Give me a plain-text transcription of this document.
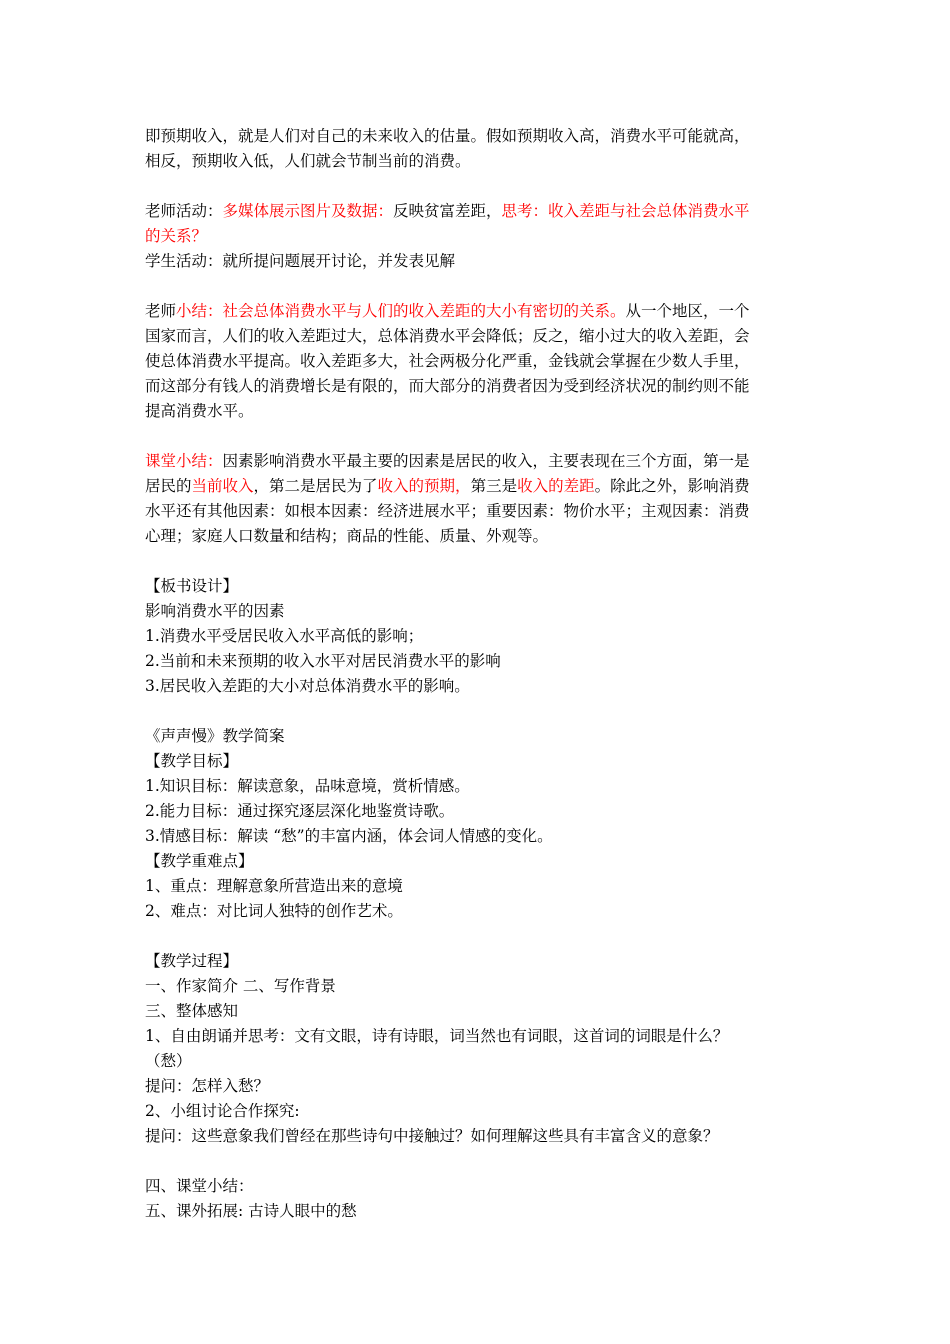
即预期收入，就是人们对自己的未来收入的估量。假如预期收入高，消费水平可能就高，

相反，预期收入低，人们就会节制当前的消费。

老师活动：多媒体展示图片及数据：反映贫富差距，思考：收入差距与社会总体消费水平

的关系？

学生活动：就所提问题展开讨论，并发表见解

老师小结：社会总体消费水平与人们的收入差距的大小有密切的关系。从一个地区，一个

国家而言，人们的收入差距过大，总体消费水平会降低；反之，缩小过大的收入差距，会

使总体消费水平提高。收入差距多大，社会两极分化严重，金钱就会掌握在少数人手里，

而这部分有钱人的消费增长是有限的，而大部分的消费者因为受到经济状况的制约则不能

提高消费水平。

课堂小结：因素影响消费水平最主要的因素是居民的收入，主要表现在三个方面，第一是

居民的当前收入，第二是居民为了收入的预期，第三是收入的差距。除此之外，影响消费

水平还有其他因素：如根本因素：经济进展水平；重要因素：物价水平；主观因素：消费

心理；家庭人口数量和结构；商品的性能、质量、外观等。

【板书设计】

影响消费水平的因素

1.消费水平受居民收入水平高低的影响；

2.当前和未来预期的收入水平对居民消费水平的影响

3.居民收入差距的大小对总体消费水平的影响。

《声声慢》教学简案

【教学目标】

1.知识目标：解读意象，品味意境，赏析情感。

2.能力目标：通过探究逐层深化地鉴赏诗歌。

3.情感目标：解读 “愁”的丰富内涵，体会词人情感的变化。

【教学重难点】

1、重点：理解意象所营造出来的意境

2、难点：对比词人独特的创作艺术。

【教学过程】

一、作家简介 二、写作背景

三、整体感知

1、自由朗诵并思考：文有文眼，诗有诗眼，词当然也有词眼，这首词的词眼是什么？

（愁）

提问：怎样入愁？

2、小组讨论合作探究:

提问：这些意象我们曾经在那些诗句中接触过？如何理解这些具有丰富含义的意象？

四、课堂小结：

五、课外拓展: 古诗人眼中的愁
